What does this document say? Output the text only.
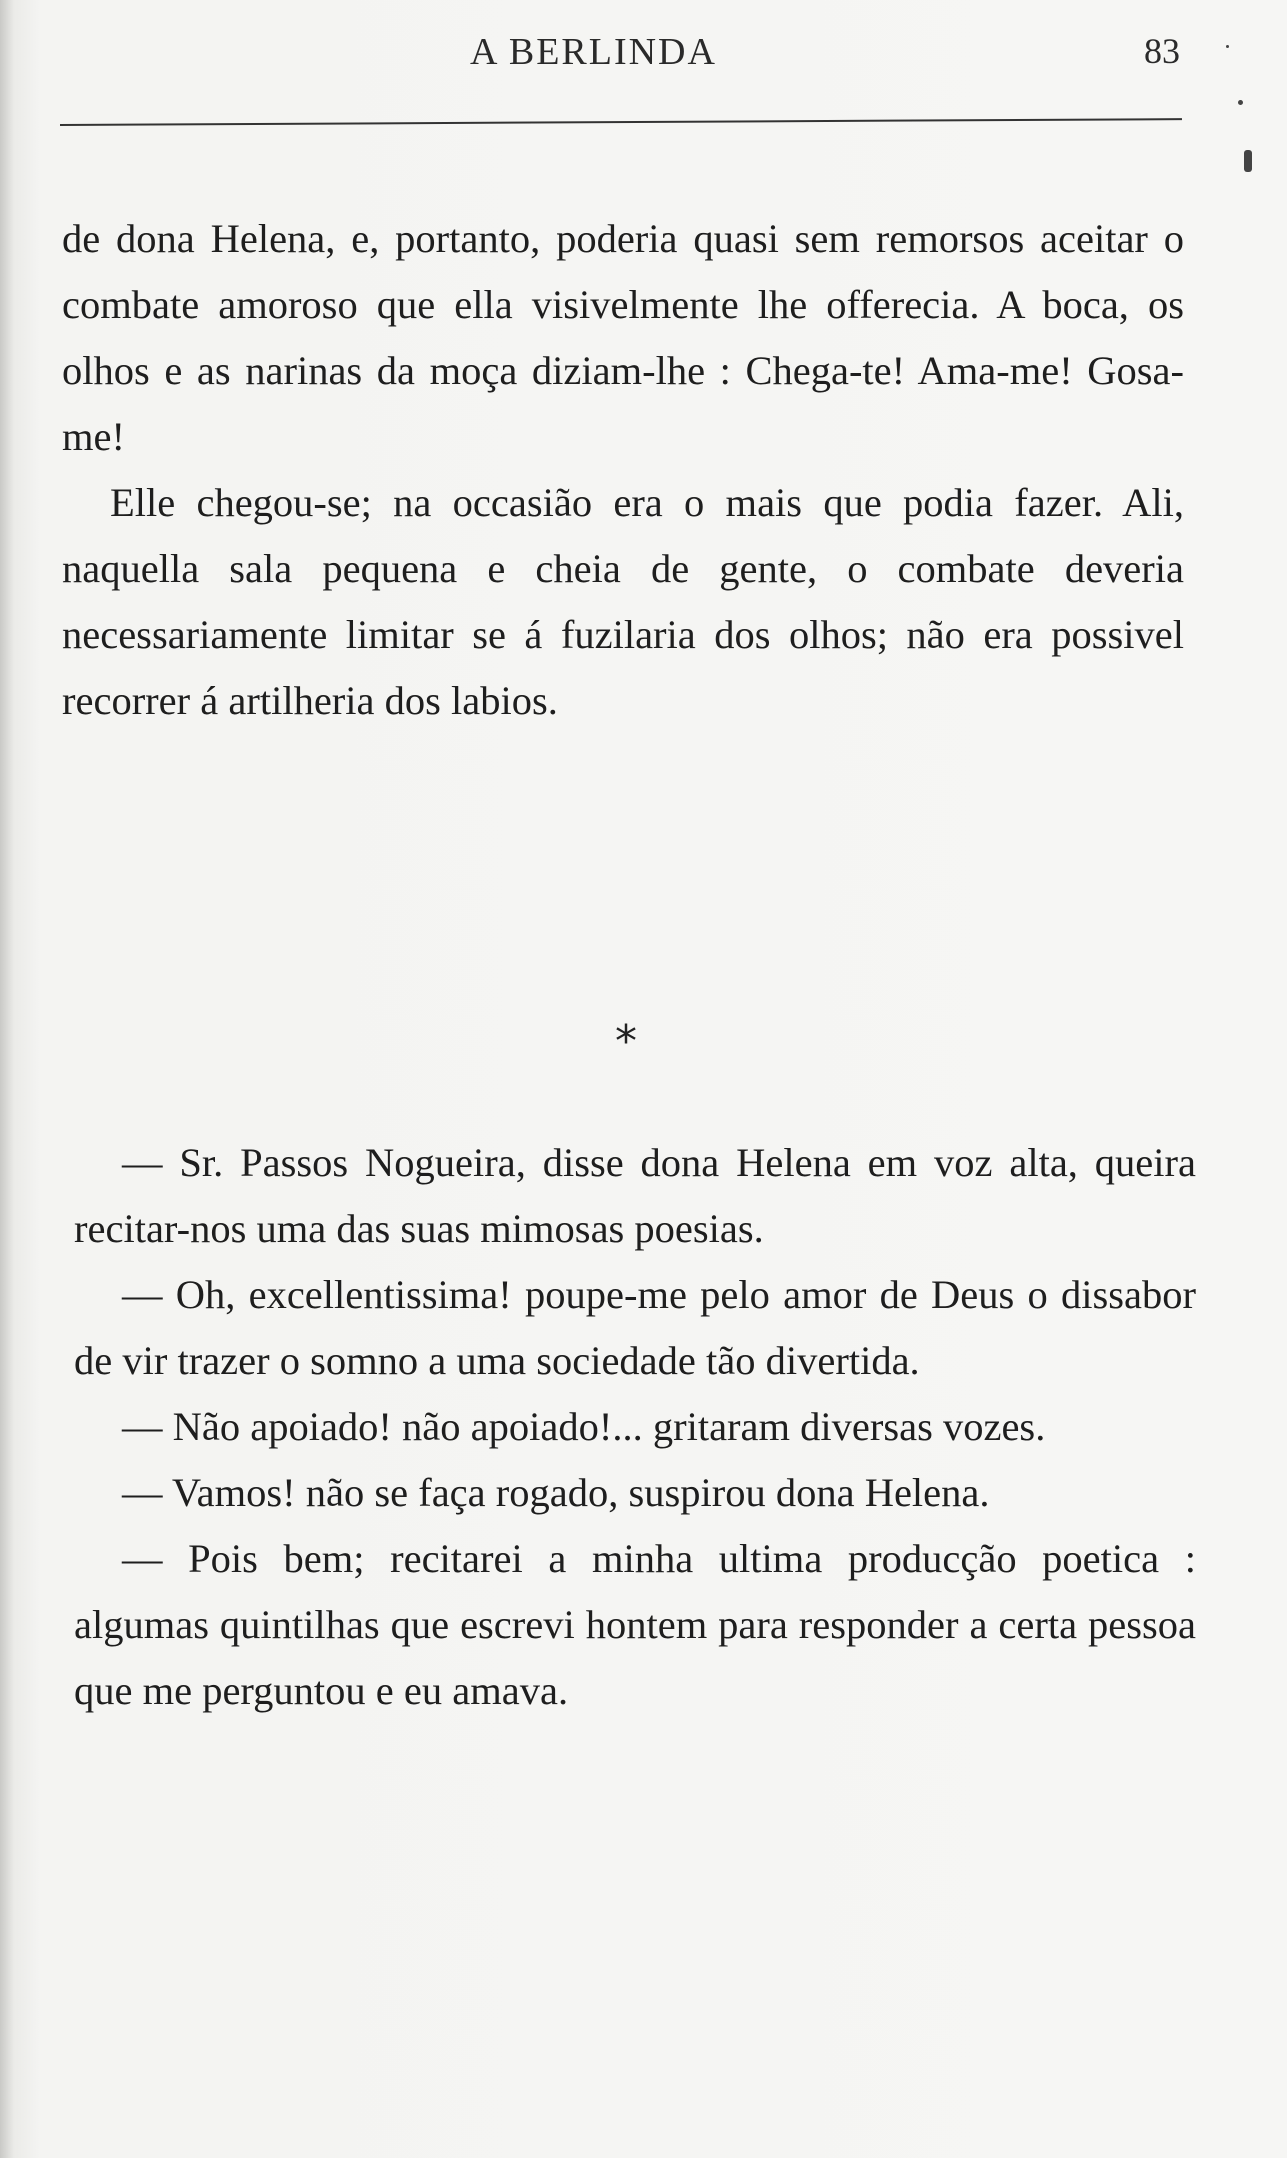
A BERLINDA	83

de dona Helena, e, portanto, poderia quasi sem remorsos aceitar o combate amoroso que ella visivelmente lhe offerecia. A boca, os olhos e as narinas da moça diziam-lhe : Chega-te! Ama-me! Gosa-me!

Elle chegou-se; na occasião era o mais que podia fazer. Ali, naquella sala pequena e cheia de gente, o combate deveria necessariamente limitar se á fuzilaria dos olhos; não era possivel recorrer á artilheria dos labios.

*

— Sr. Passos Nogueira, disse dona Helena em voz alta, queira recitar-nos uma das suas mimosas poesias.

— Oh, excellentissima! poupe-me pelo amor de Deus o dissabor de vir trazer o somno a uma sociedade tão divertida.

— Não apoiado! não apoiado!... gritaram diversas vozes.

— Vamos! não se faça rogado, suspirou dona Helena.

— Pois bem; recitarei a minha ultima producção poetica : algumas quintilhas que escrevi hontem para responder a certa pessoa que me perguntou e eu amava.
